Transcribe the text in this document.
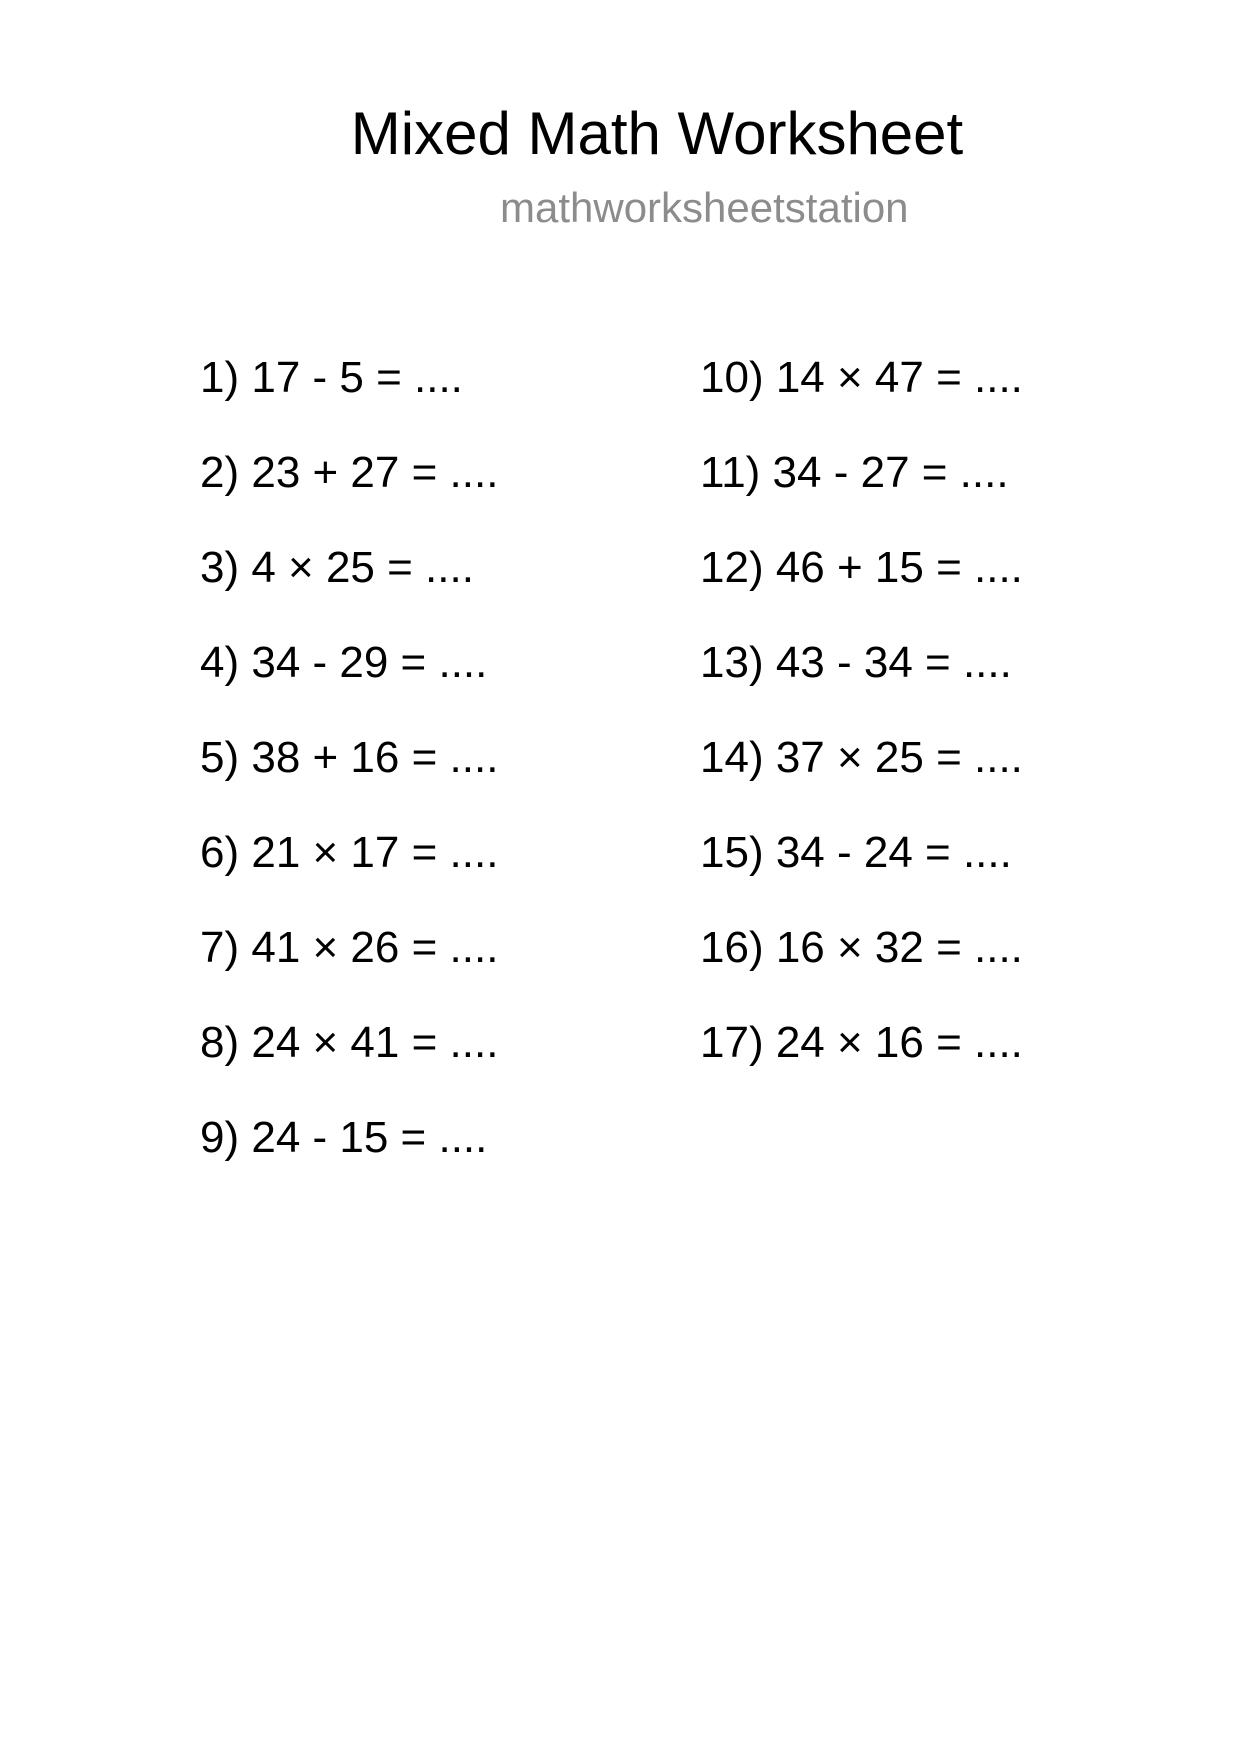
Mixed Math Worksheet
mathworksheetstation
1) 17 - 5 = ....
2) 23 + 27 = ....
3) 4 × 25 = ....
4) 34 - 29 = ....
5) 38 + 16 = ....
6) 21 × 17 = ....
7) 41 × 26 = ....
8) 24 × 41 = ....
9) 24 - 15 = ....
10) 14 × 47 = ....
11) 34 - 27 = ....
12) 46 + 15 = ....
13) 43 - 34 = ....
14) 37 × 25 = ....
15) 34 - 24 = ....
16) 16 × 32 = ....
17) 24 × 16 = ....
